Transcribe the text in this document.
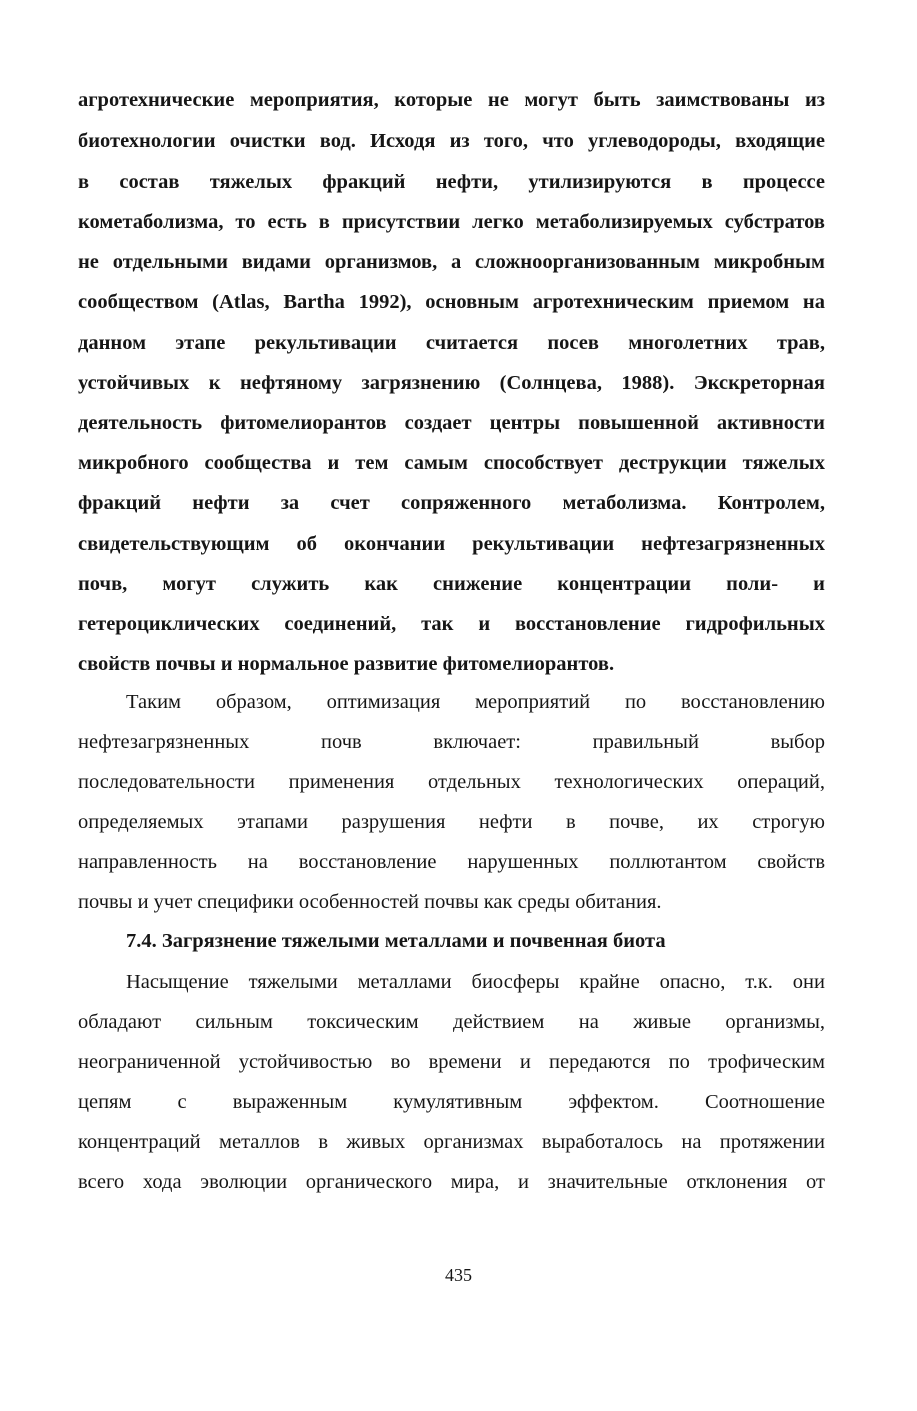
агротехнические мероприятия, которые не могут быть заимствованы из
биотехнологии очистки вод. Исходя из того, что углеводороды, входящие
в состав тяжелых фракций нефти, утилизируются в процессе
кометаболизма, то есть в присутствии легко метаболизируемых субстратов
не отдельными видами организмов, а сложноорганизованным микробным
сообществом (Atlas, Bartha 1992), основным агротехническим приемом на
данном этапе рекультивации считается посев многолетних трав,
устойчивых к нефтяному загрязнению (Солнцева, 1988). Экскреторная
деятельность фитомелиорантов создает центры повышенной активности
микробного сообщества и тем самым способствует деструкции тяжелых
фракций нефти за счет сопряженного метаболизма. Контролем,
свидетельствующим об окончании рекультивации нефтезагрязненных
почв, могут служить как снижение концентрации поли- и
гетероциклических соединений, так и восстановление гидрофильных
свойств почвы и нормальное развитие фитомелиорантов.
Таким образом, оптимизация мероприятий по восстановлению
нефтезагрязненных почв включает: правильный выбор
последовательности применения отдельных технологических операций,
определяемых этапами разрушения нефти в почве, их строгую
направленность на восстановление нарушенных поллютантом свойств
почвы и учет специфики особенностей почвы как среды обитания.
7.4. Загрязнение тяжелыми металлами и почвенная биота
Насыщение тяжелыми металлами биосферы крайне опасно, т.к. они
обладают сильным токсическим действием на живые организмы,
неограниченной устойчивостью во времени и передаются по трофическим
цепям с выраженным кумулятивным эффектом. Соотношение
концентраций металлов в живых организмах выработалось на протяжении
всего хода эволюции органического мира, и значительные отклонения от
435
